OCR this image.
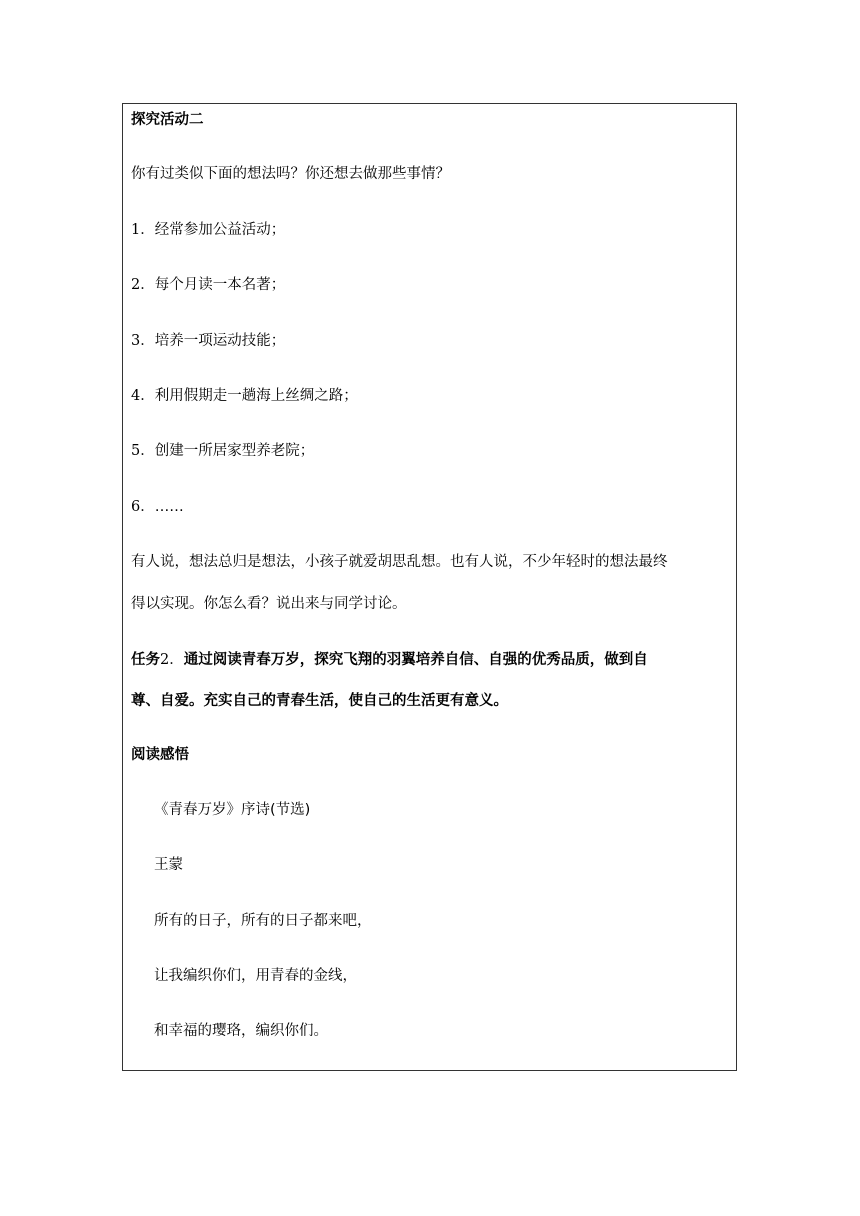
探究活动二
你有过类似下面的想法吗？你还想去做那些事情？
1．经常参加公益活动；
2．每个月读一本名著；
3．培养一项运动技能；
4．利用假期走一趟海上丝绸之路；
5．创建一所居家型养老院；
6．……
有人说，想法总归是想法，小孩子就爱胡思乱想。也有人说，不少年轻时的想法最终
得以实现。你怎么看？说出来与同学讨论。
任务2．通过阅读青春万岁，探究飞翔的羽翼培养自信、自强的优秀品质，做到自
尊、自爱。充实自己的青春生活，使自己的生活更有意义。
阅读感悟
《青春万岁》序诗(节选)
王蒙
所有的日子，所有的日子都来吧，
让我编织你们，用青春的金线，
和幸福的璎珞，编织你们。
